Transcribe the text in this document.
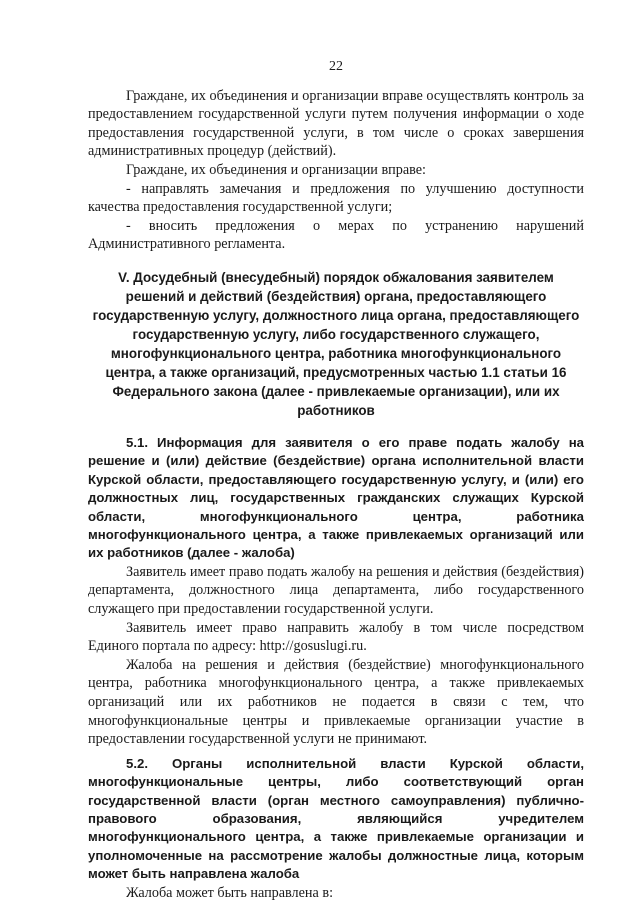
22

Граждане, их объединения и организации вправе осуществлять контроль за предоставлением государственной услуги путем получения информации о ходе предоставления государственной услуги, в том числе о сроках завершения административных процедур (действий).

Граждане, их объединения и организации вправе:

- направлять замечания и предложения по улучшению доступности качества предоставления государственной услуги;

- вносить предложения о мерах по устранению нарушений Административного регламента.

V. Досудебный (внесудебный) порядок обжалования заявителем решений и действий (бездействия) органа, предоставляющего государственную услугу, должностного лица органа, предоставляющего государственную услугу, либо государственного служащего, многофункционального центра, работника многофункционального центра, а также организаций, предусмотренных частью 1.1 статьи 16 Федерального закона (далее - привлекаемые организации), или их работников

5.1. Информация для заявителя о его праве подать жалобу на решение и (или) действие (бездействие) органа исполнительной власти Курской области, предоставляющего государственную услугу, и (или) его должностных лиц, государственных гражданских служащих Курской области, многофункционального центра, работника многофункционального центра, а также привлекаемых организаций или их работников (далее - жалоба)

Заявитель имеет право подать жалобу на решения и действия (бездействия) департамента, должностного лица департамента, либо государственного служащего при предоставлении государственной услуги.

Заявитель имеет право направить жалобу в том числе посредством Единого портала по адресу: http://gosuslugi.ru.

Жалоба на решения и действия (бездействие) многофункционального центра, работника многофункционального центра, а также привлекаемых организаций или их работников не подается в связи с тем, что многофункциональные центры и привлекаемые организации участие в предоставлении государственной услуги не принимают.

5.2. Органы исполнительной власти Курской области, многофункциональные центры, либо соответствующий орган государственной власти (орган местного самоуправления) публично-правового образования, являющийся учредителем многофункционального центра, а также привлекаемые организации и уполномоченные на рассмотрение жалобы должностные лица, которым может быть направлена жалоба

Жалоба может быть направлена в:
